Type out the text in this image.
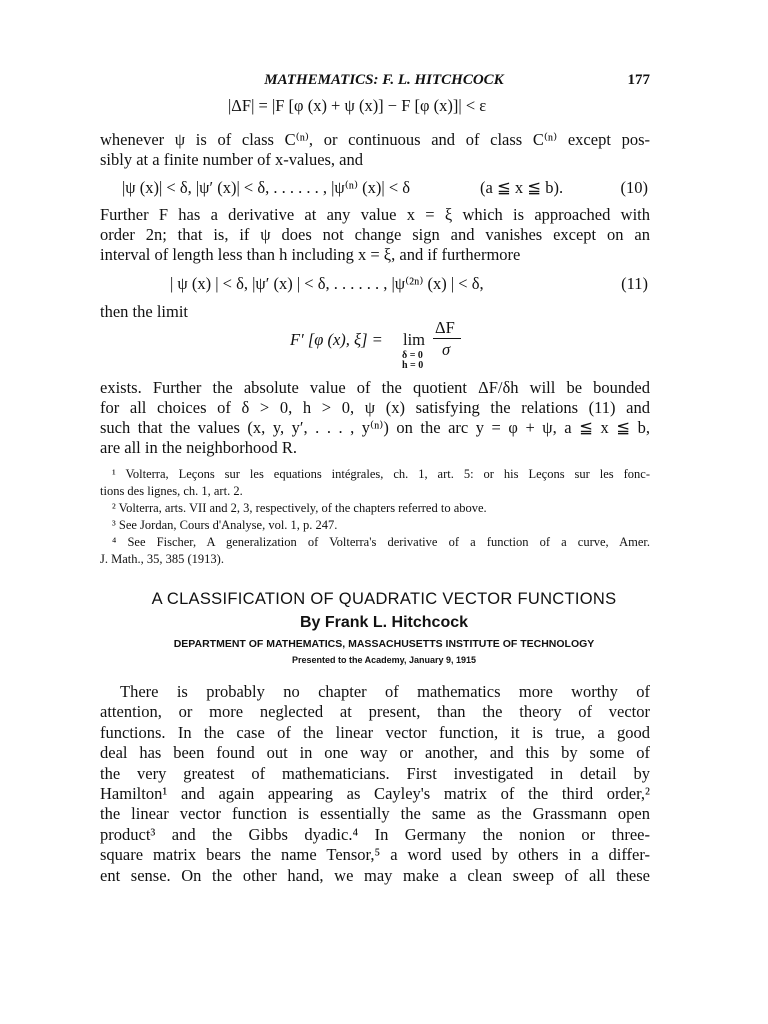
MATHEMATICS: F. L. HITCHCOCK	177
|ΔF| = |F [φ (x) + ψ (x)] − F [φ (x)]| < ε
whenever ψ is of class C⁽ⁿ⁾, or continuous and of class C⁽ⁿ⁾ except pos-
sibly at a finite number of x-values, and
|ψ (x)| < δ, |ψ′ (x)| < δ, . . . . . . , |ψ⁽ⁿ⁾ (x)| < δ	(a ≦ x ≦ b).	(10)
Further F has a derivative at any value x = ξ which is approached with
order 2n; that is, if ψ does not change sign and vanishes except on an
interval of length less than h including x = ξ, and if furthermore
| ψ (x) | < δ, |ψ′ (x) | < δ, . . . . . . , |ψ⁽²ⁿ⁾ (x) | < δ,	(11)
then the limit
F′ [φ (x), ξ] = lim
δ = 0
h = 0
ΔF
σ
exists. Further the absolute value of the quotient ΔF/δh will be bounded
for all choices of δ > 0, h > 0, ψ (x) satisfying the relations (11) and
such that the values (x, y, y′, . . . , y⁽ⁿ⁾) on the arc y = φ + ψ, a ≦ x ≦ b,
are all in the neighborhood R.
¹ Volterra, Leçons sur les equations intégrales, ch. 1, art. 5: or his Leçons sur les fonc-
tions des lignes, ch. 1, art. 2.
² Volterra, arts. VII and 2, 3, respectively, of the chapters referred to above.
³ See Jordan, Cours d'Analyse, vol. 1, p. 247.
⁴ See Fischer, A generalization of Volterra's derivative of a function of a curve, Amer.
J. Math., 35, 385 (1913).
A CLASSIFICATION OF QUADRATIC VECTOR FUNCTIONS
By Frank L. Hitchcock
DEPARTMENT OF MATHEMATICS, MASSACHUSETTS INSTITUTE OF TECHNOLOGY
Presented to the Academy, January 9, 1915
There is probably no chapter of mathematics more worthy of
attention, or more neglected at present, than the theory of vector
functions. In the case of the linear vector function, it is true, a good
deal has been found out in one way or another, and this by some of
the very greatest of mathematicians. First investigated in detail by
Hamilton¹ and again appearing as Cayley's matrix of the third order,²
the linear vector function is essentially the same as the Grassmann open
product³ and the Gibbs dyadic.⁴ In Germany the nonion or three-
square matrix bears the name Tensor,⁵ a word used by others in a differ-
ent sense. On the other hand, we may make a clean sweep of all these
